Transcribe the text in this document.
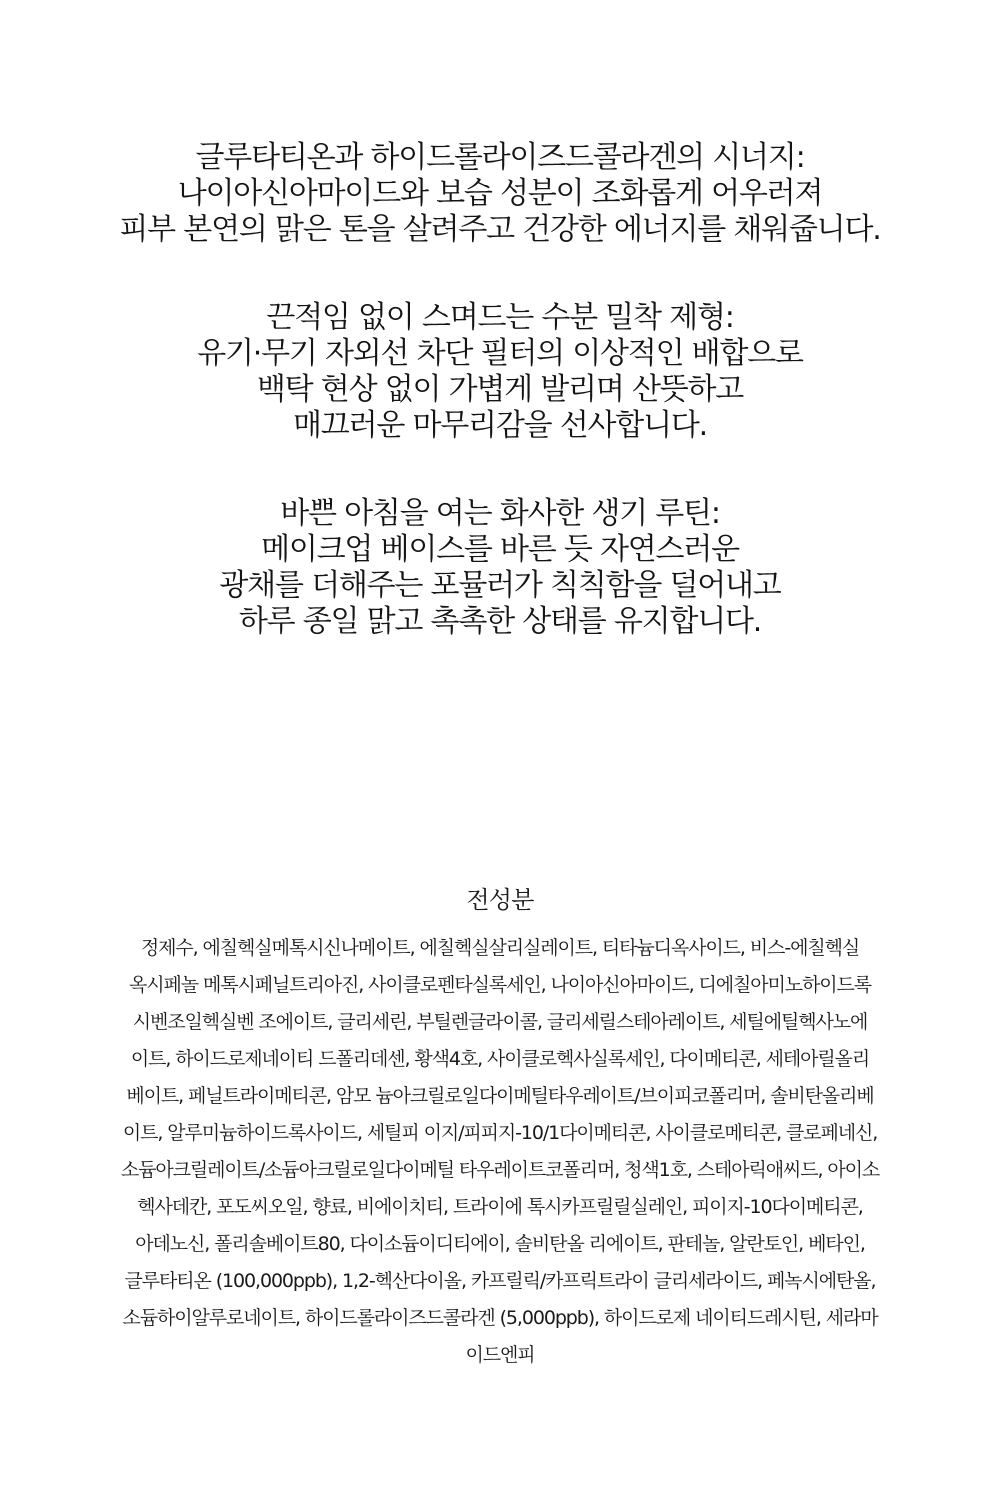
글루타티온과 하이드롤라이즈드콜라겐의 시너지:
나이아신아마이드와 보습 성분이 조화롭게 어우러져
피부 본연의 맑은 톤을 살려주고 건강한 에너지를 채워줍니다.
끈적임 없이 스며드는 수분 밀착 제형:
유기·무기 자외선 차단 필터의 이상적인 배합으로
백탁 현상 없이 가볍게 발리며 산뜻하고
매끄러운 마무리감을 선사합니다.
바쁜 아침을 여는 화사한 생기 루틴:
메이크업 베이스를 바른 듯 자연스러운
광채를 더해주는 포뮬러가 칙칙함을 덜어내고
하루 종일 맑고 촉촉한 상태를 유지합니다.
전성분
정제수, 에칠헥실메톡시신나메이트, 에칠헥실살리실레이트, 티타늄디옥사이드, 비스-에칠헥실
옥시페놀 메톡시페닐트리아진, 사이클로펜타실록세인, 나이아신아마이드, 디에칠아미노하이드록
시벤조일헥실벤 조에이트, 글리세린, 부틸렌글라이콜, 글리세릴스테아레이트, 세틸에틸헥사노에
이트, 하이드로제네이티 드폴리데센, 황색4호, 사이클로헥사실록세인, 다이메티콘, 세테아릴올리
베이트, 페닐트라이메티콘, 암모 늄아크릴로일다이메틸타우레이트/브이피코폴리머, 솔비탄올리베
이트, 알루미늄하이드록사이드, 세틸피 이지/피피지-10/1다이메티콘, 사이클로메티콘, 클로페네신,
소듐아크릴레이트/소듐아크릴로일다이메틸 타우레이트코폴리머, 청색1호, 스테아릭애씨드, 아이소
헥사데칸, 포도씨오일, 향료, 비에이치티, 트라이에 톡시카프릴릴실레인, 피이지-10다이메티콘,
아데노신, 폴리솔베이트80, 다이소듐이디티에이, 솔비탄올 리에이트, 판테놀, 알란토인, 베타인,
글루타티온 (100,000ppb), 1,2-헥산다이올, 카프릴릭/카프릭트라이 글리세라이드, 페녹시에탄올,
소듐하이알루로네이트, 하이드롤라이즈드콜라겐 (5,000ppb), 하이드로제 네이티드레시틴, 세라마
이드엔피
